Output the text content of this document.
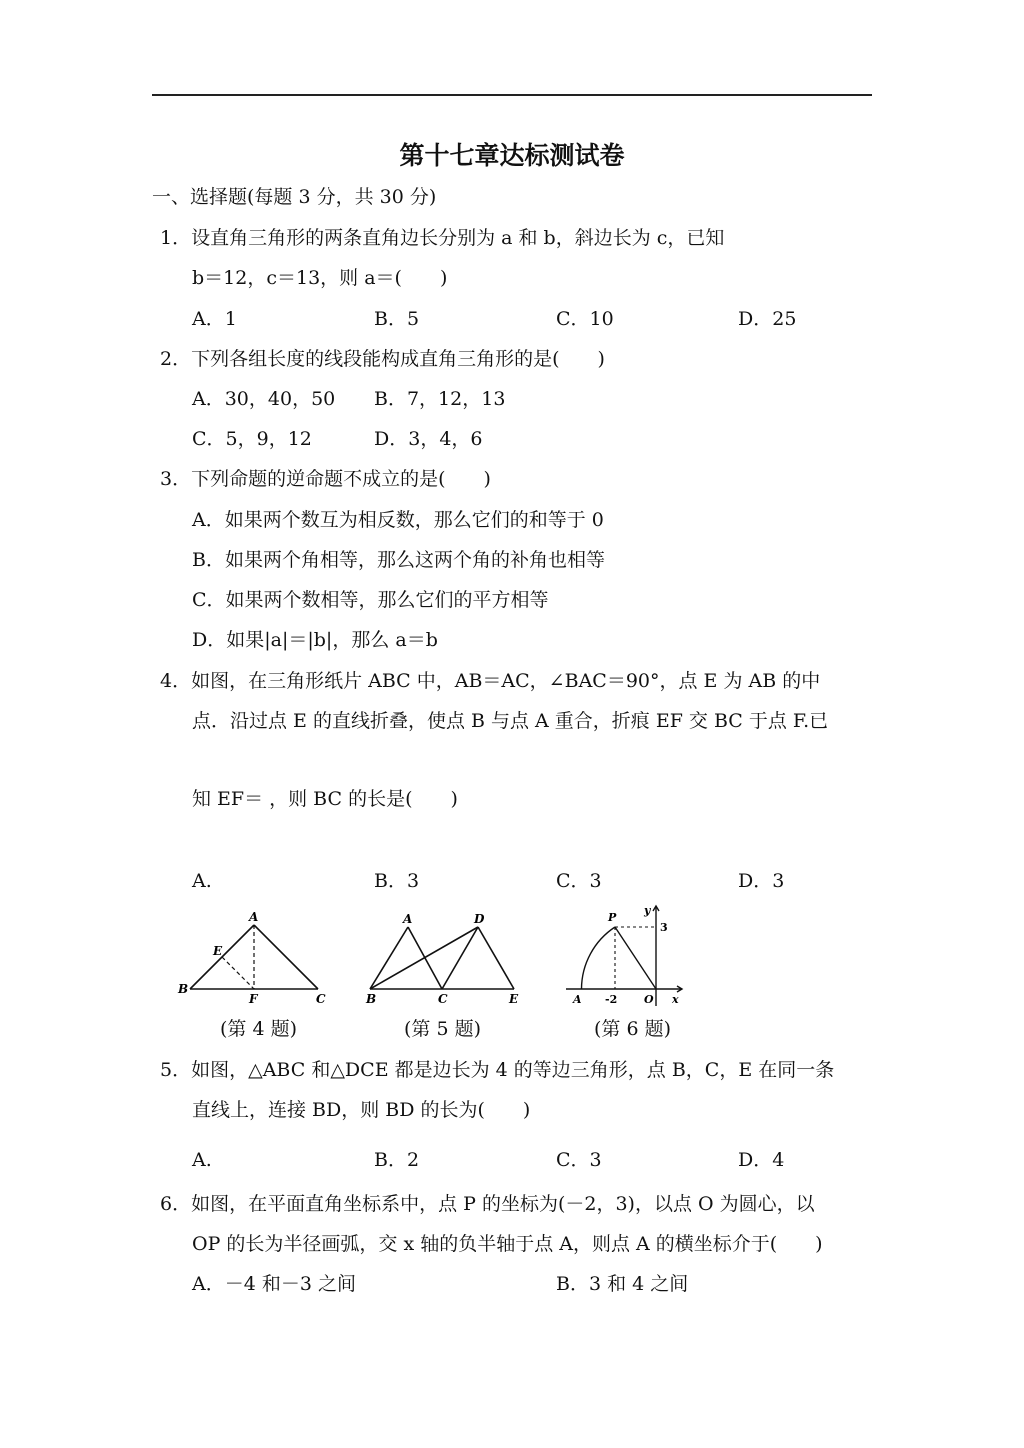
第十七章达标测试卷
一、选择题(每题 3 分，共 30 分)
1．设直角三角形的两条直角边长分别为 a 和 b，斜边长为 c，已知
b＝12，c＝13，则 a＝(　　)
A．1	B．5	C．10	D．25
2．下列各组长度的线段能构成直角三角形的是(　　)
A．30，40，50 B．7，12，13
C．5，9，12	D．3，4，6
3．下列命题的逆命题不成立的是(　　)
A．如果两个数互为相反数，那么它们的和等于 0
B．如果两个角相等，那么这两个角的补角也相等
C．如果两个数相等，那么它们的平方相等
D．如果|a|＝|b|，那么 a＝b
4．如图，在三角形纸片 ABC 中，AB＝AC，∠BAC＝90°，点 E 为 AB 的中
点．沿过点 E 的直线折叠，使点 B 与点 A 重合，折痕 EF 交 BC 于点 F.已
知 EF＝ ，则 BC 的长是(　　)
A.	B．3	C．3	D．3
A
E
B
F	C
(第 4 题)
A	D
B	C	E
(第 5 题)
P
y
3
A -2 O x
(第 6 题)
5．如图，△ABC 和△DCE 都是边长为 4 的等边三角形，点 B，C，E 在同一条
直线上，连接 BD，则 BD 的长为(　　)
A.	B．2	C．3	D．4
6．如图，在平面直角坐标系中，点 P 的坐标为(－2，3)，以点 O 为圆心，以
OP 的长为半径画弧，交 x 轴的负半轴于点 A，则点 A 的横坐标介于(　　)
A．－4 和－3 之间	B．3 和 4 之间
